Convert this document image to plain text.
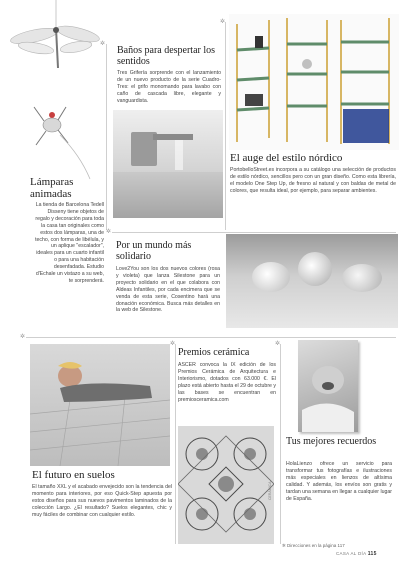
✲
✲
✲
✲
✲	✲
Baños para despertar los sentidos
Tres Grifería sorprende con el lanzamiento de un nuevo producto de la serie Cuadro-Tres: el grifo monomando para lavabo con caño de cascada libre, elegante y vanguardista.
Lámparas animadas
La tienda de Barcelona Tedell Disseny tiene objetos de regalo y decoración para toda la casa tan originales como estos dos lámparas, una de techo, con forma de libélula, y un aplique "escalador", ideales para un cuarto infantil o para una habitación desenfadada. Estudio d'Echale un vistazo a su web, te sorprenderá.
El auge del estilo nórdico
PortobelloStreet.es incorpora a su catálogo una selección de productos de estilo nórdico, sencillos pero con un gran diseño. Como esta librería, el modelo One Step Up, de fresno al natural y con baldas de metal de colores, que resulta ideal, por ejemplo, para separar ambientes.
Por un mundo más solidario
Love2You son los dos nuevos colores (rosa y violeta) que lanza Silestone para un proyecto solidario en el que colabora con Aldeas Infantiles, por cada encimera que se venda de esta serie, Cosentino hará una donación económica. Busca más detalles en la web de Silestone.
El futuro en suelos
El tamaño XXL y el acabado envejecido son la tendencia del momento para interiores, por eso Quick-Step apuesta por estos diseños para sus nuevos pavimentos laminados de la colección Largo. ¿El resultado? Suelos elegantes, chic y muy fáciles de combinar con cualquier estilo.
Premios cerámica
ASCER convoca la IX edición de los Premios Cerámica de Arquitectura e Interiorismo, dotados con 63.000 €. El plazo está abierto hasta el 29 de octubre y las bases se encuentran en premiosceramica.com
CERÁMICA
Tus mejores recuerdos
HolaLienzo ofrece un servicio para transformar tus fotografías e ilustraciones más especiales en lienzos de altísima calidad. Y además, los envíos son gratis y tardan una semana en llegar a cualquier lugar de España.
✲ Direcciones en la página 117
CASA AL DÍA 115
